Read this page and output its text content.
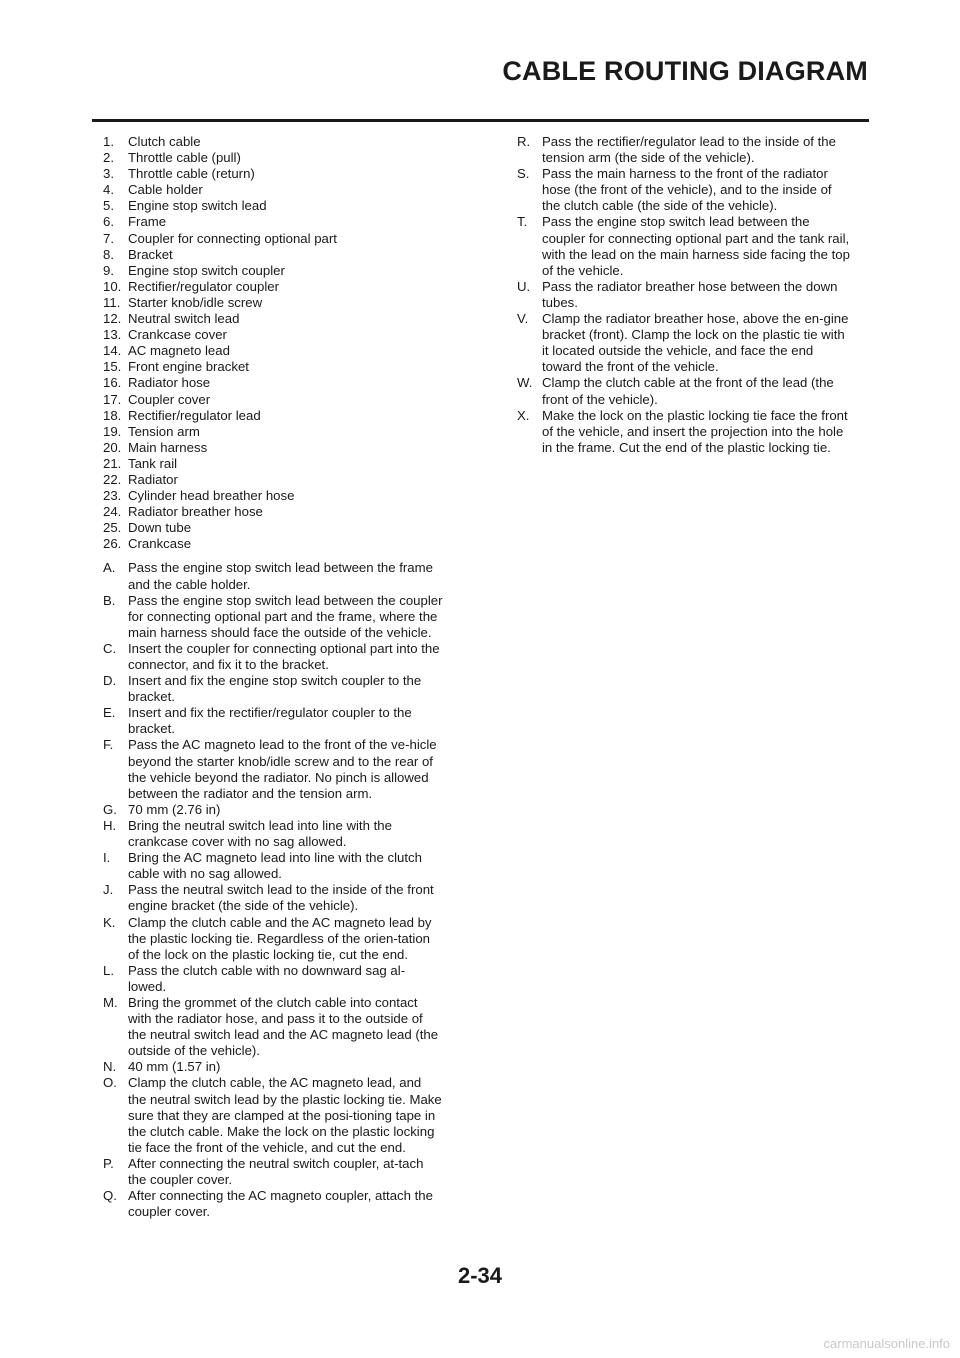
CABLE ROUTING DIAGRAM
1.	Clutch cable
2.	Throttle cable (pull)
3.	Throttle cable (return)
4.	Cable holder
5.	Engine stop switch lead
6.	Frame
7.	Coupler for connecting optional part
8.	Bracket
9.	Engine stop switch coupler
10. Rectifier/regulator coupler
11. Starter knob/idle screw
12. Neutral switch lead
13. Crankcase cover
14. AC magneto lead
15. Front engine bracket
16. Radiator hose
17. Coupler cover
18. Rectifier/regulator lead
19. Tension arm
20. Main harness
21. Tank rail
22. Radiator
23. Cylinder head breather hose
24. Radiator breather hose
25. Down tube
26. Crankcase
A. Pass the engine stop switch lead between the frame and the cable holder.
B. Pass the engine stop switch lead between the coupler for connecting optional part and the frame, where the main harness should face the outside of the vehicle.
C. Insert the coupler for connecting optional part into the connector, and fix it to the bracket.
D. Insert and fix the engine stop switch coupler to the bracket.
E. Insert and fix the rectifier/regulator coupler to the bracket.
F.	Pass the AC magneto lead to the front of the ve-hicle beyond the starter knob/idle screw and to the rear of the vehicle beyond the radiator. No pinch is allowed between the radiator and the tension arm.
G. 70 mm (2.76 in)
H. Bring the neutral switch lead into line with the crankcase cover with no sag allowed.
I.	Bring the AC magneto lead into line with the clutch cable with no sag allowed.
J.	Pass the neutral switch lead to the inside of the front engine bracket (the side of the vehicle).
K. Clamp the clutch cable and the AC magneto lead by the plastic locking tie. Regardless of the orien-tation of the lock on the plastic locking tie, cut the end.
L.	Pass the clutch cable with no downward sag al-lowed.
M. Bring the grommet of the clutch cable into contact with the radiator hose, and pass it to the outside of the neutral switch lead and the AC magneto lead (the outside of the vehicle).
N. 40 mm (1.57 in)
O. Clamp the clutch cable, the AC magneto lead, and the neutral switch lead by the plastic locking tie. Make sure that they are clamped at the posi-tioning tape in the clutch cable. Make the lock on the plastic locking tie face the front of the vehicle, and cut the end.
P.	After connecting the neutral switch coupler, at-tach the coupler cover.
Q. After connecting the AC magneto coupler, attach the coupler cover.
R. Pass the rectifier/regulator lead to the inside of the tension arm (the side of the vehicle).
S. Pass the main harness to the front of the radiator hose (the front of the vehicle), and to the inside of the clutch cable (the side of the vehicle).
T.	Pass the engine stop switch lead between the coupler for connecting optional part and the tank rail, with the lead on the main harness side facing the top of the vehicle.
U. Pass the radiator breather hose between the down tubes.
V.	Clamp the radiator breather hose, above the en-gine bracket (front). Clamp the lock on the plastic tie with it located outside the vehicle, and face the end toward the front of the vehicle.
W. Clamp the clutch cable at the front of the lead (the front of the vehicle).
X. Make the lock on the plastic locking tie face the front of the vehicle, and insert the projection into the hole in the frame. Cut the end of the plastic locking tie.
2-34
carmanualsonline.info
